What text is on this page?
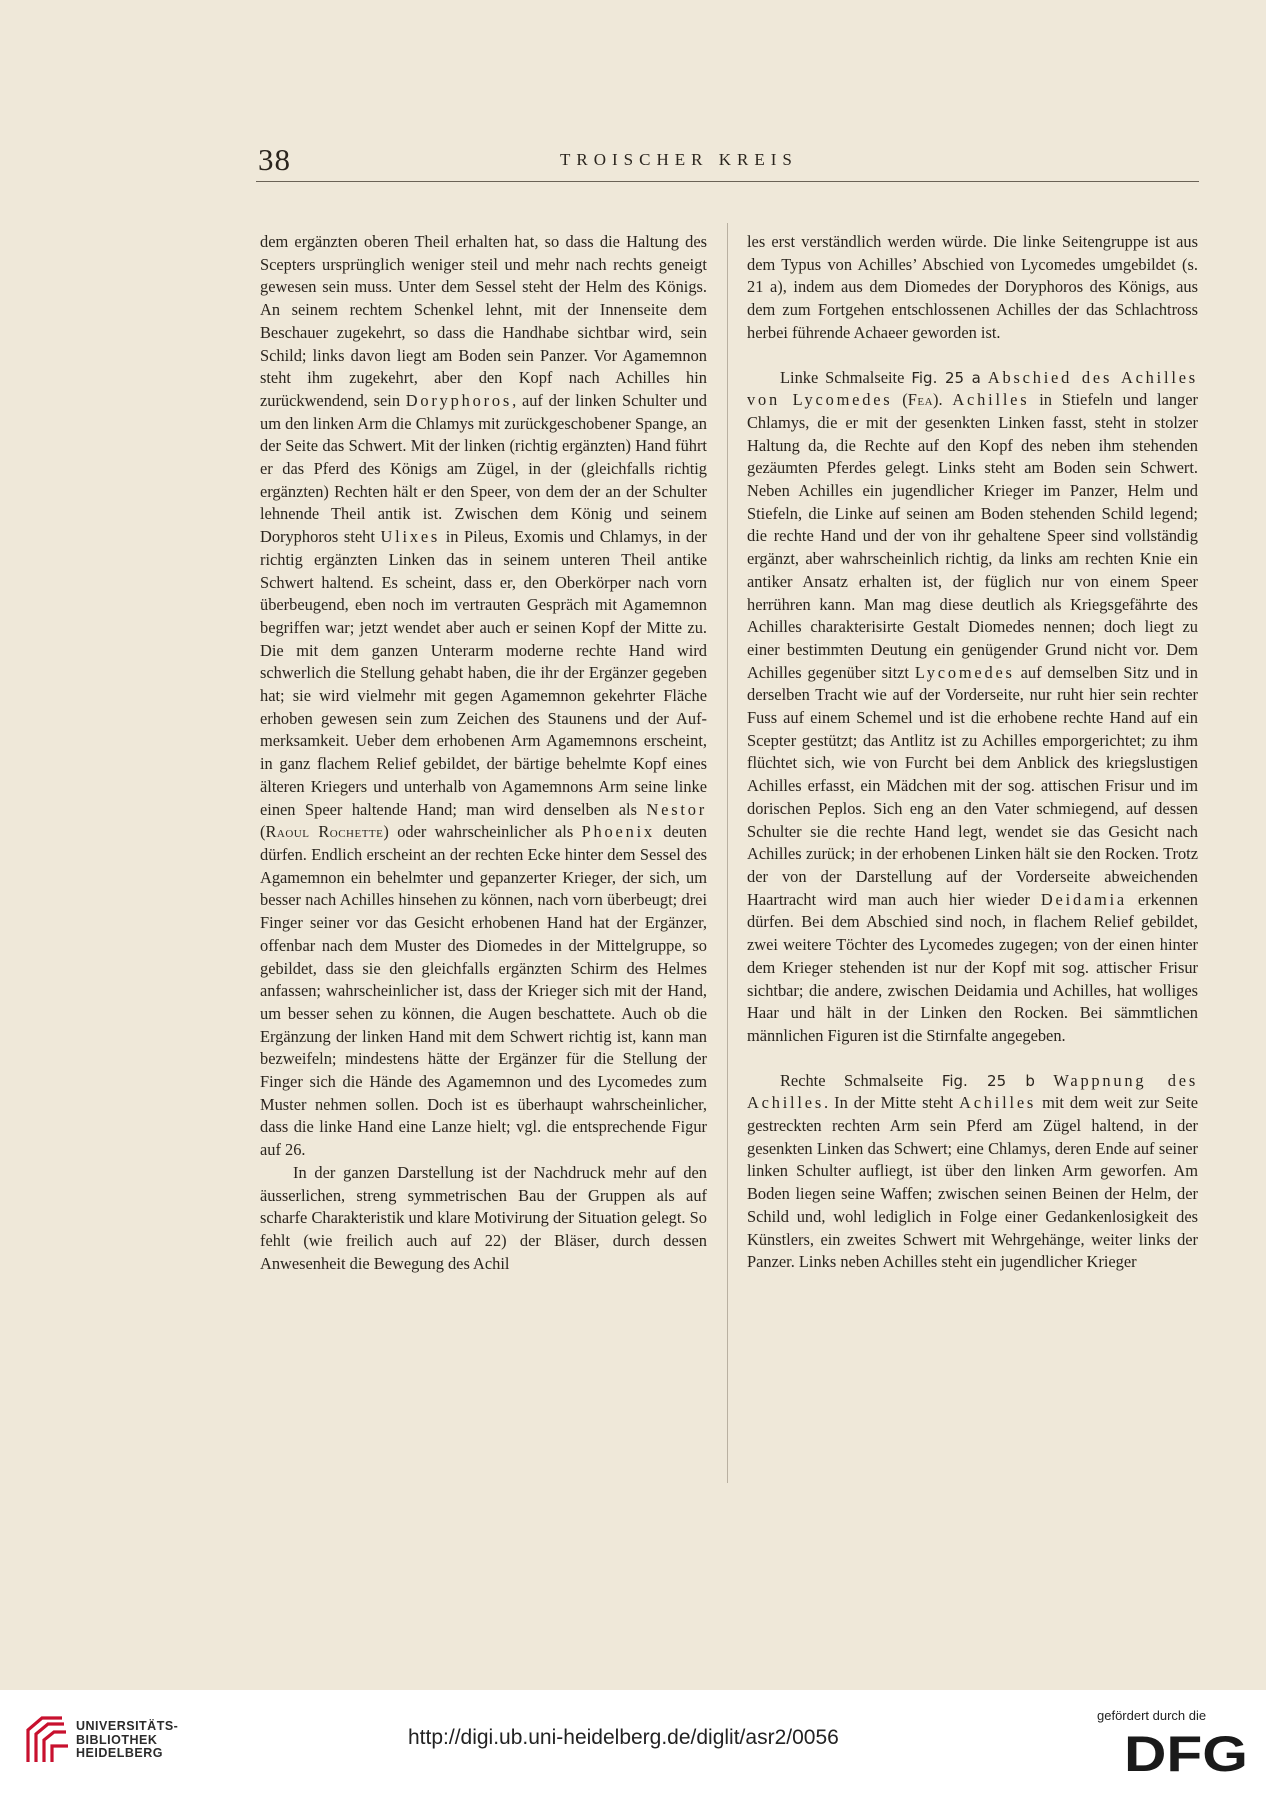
38	TROISCHER KREIS

dem ergänzten oberen Theil erhalten hat, so dass die Haltung des Scepters ursprünglich weniger steil und mehr nach rechts geneigt gewesen sein muss. Unter dem Sessel steht der Helm des Königs. An seinem rechtem Schenkel lehnt, mit der Innenseite dem Beschauer zugekehrt, so dass die Handhabe sichtbar wird, sein Schild; links davon liegt am Boden sein Panzer. Vor Agamemnon steht ihm zugekehrt, aber den Kopf nach Achilles hin zurückwendend, sein Doryphoros, auf der linken Schulter und um den linken Arm die Chlamys mit zurückgeschobener Spange, an der Seite das Schwert. Mit der linken (richtig ergänzten) Hand führt er das Pferd des Königs am Zügel, in der (gleichfalls richtig ergänzten) Rechten hält er den Speer, von dem der an der Schulter lehnende Theil antik ist. Zwischen dem König und seinem Doryphoros steht Ulixes in Pileus, Exomis und Chlamys, in der richtig ergänzten Linken das in seinem unteren Theil antike Schwert haltend. Es scheint, dass er, den Oberkörper nach vorn überbeugend, eben noch im vertrauten Gespräch mit Agamemnon begriffen war; jetzt wendet aber auch er seinen Kopf der Mitte zu. Die mit dem ganzen Unterarm moderne rechte Hand wird schwerlich die Stellung gehabt haben, die ihr der Ergänzer gegeben hat; sie wird vielmehr mit gegen Agamemnon gekehrter Fläche erhoben gewesen sein zum Zeichen des Staunens und der Aufmerksamkeit. Ueber dem erhobenen Arm Agamemnons erscheint, in ganz flachem Relief gebildet, der bärtige behelmte Kopf eines älteren Kriegers und unterhalb von Agamemnons Arm seine linke einen Speer haltende Hand; man wird denselben als Nestor (Raoul Rochette) oder wahrscheinlicher als Phoenix deuten dürfen. Endlich erscheint an der rechten Ecke hinter dem Sessel des Agamemnon ein behelmter und gepanzerter Krieger, der sich, um besser nach Achilles hinsehen zu können, nach vorn überbeugt; drei Finger seiner vor das Gesicht erhobenen Hand hat der Ergänzer, offenbar nach dem Muster des Diomedes in der Mittelgruppe, so gebildet, dass sie den gleichfalls ergänzten Schirm des Helmes anfassen; wahrscheinlicher ist, dass der Krieger sich mit der Hand, um besser sehen zu können, die Augen beschattete. Auch ob die Ergänzung der linken Hand mit dem Schwert richtig ist, kann man bezweifeln; mindestens hätte der Ergänzer für die Stellung der Finger sich die Hände des Agamemnon und des Lycomedes zum Muster nehmen sollen. Doch ist es überhaupt wahrscheinlicher, dass die linke Hand eine Lanze hielt; vgl. die entsprechende Figur auf 26.

In der ganzen Darstellung ist der Nachdruck mehr auf den äusserlichen, streng symmetrischen Bau der Gruppen als auf scharfe Charakteristik und klare Motivirung der Situation gelegt. So fehlt (wie freilich auch auf 22) der Bläser, durch dessen Anwesenheit die Bewegung des Achil

les erst verständlich werden würde. Die linke Seitengruppe ist aus dem Typus von Achilles’ Abschied von Lycomedes umgebildet (s. 21 a), indem aus dem Diomedes der Doryphoros des Königs, aus dem zum Fortgehen entschlossenen Achilles der das Schlachtross herbei führende Achaeer geworden ist.

Linke Schmalseite Fig. 25 a Abschied des Achilles von Lycomedes (Fea). Achilles in Stiefeln und langer Chlamys, die er mit der gesenkten Linken fasst, steht in stolzer Haltung da, die Rechte auf den Kopf des neben ihm stehenden gezäumten Pferdes gelegt. Links steht am Boden sein Schwert. Neben Achilles ein jugendlicher Krieger im Panzer, Helm und Stiefeln, die Linke auf seinen am Boden stehenden Schild legend; die rechte Hand und der von ihr gehaltene Speer sind vollständig ergänzt, aber wahrscheinlich richtig, da links am rechten Knie ein antiker Ansatz erhalten ist, der füglich nur von einem Speer herrühren kann. Man mag diese deutlich als Kriegsgefährte des Achilles charakterisirte Gestalt Diomedes nennen; doch liegt zu einer bestimmten Deutung ein genügender Grund nicht vor. Dem Achilles gegenüber sitzt Lycomedes auf demselben Sitz und in derselben Tracht wie auf der Vorderseite, nur ruht hier sein rechter Fuss auf einem Schemel und ist die erhobene rechte Hand auf ein Scepter gestützt; das Antlitz ist zu Achilles emporgerichtet; zu ihm flüchtet sich, wie von Furcht bei dem Anblick des kriegslustigen Achilles erfasst, ein Mädchen mit der sog. attischen Frisur und im dorischen Peplos. Sich eng an den Vater schmiegend, auf dessen Schulter sie die rechte Hand legt, wendet sie das Gesicht nach Achilles zurück; in der erhobenen Linken hält sie den Rocken. Trotz der von der Darstellung auf der Vorderseite abweichenden Haartracht wird man auch hier wieder Deidamia erkennen dürfen. Bei dem Abschied sind noch, in flachem Relief gebildet, zwei weitere Töchter des Lycomedes zugegen; von der einen hinter dem Krieger stehenden ist nur der Kopf mit sog. attischer Frisur sichtbar; die andere, zwischen Deidamia und Achilles, hat wolliges Haar und hält in der Linken den Rocken. Bei sämmtlichen männlichen Figuren ist die Stirnfalte angegeben.

Rechte Schmalseite Fig. 25 b Wappnung des Achilles. In der Mitte steht Achilles mit dem weit zur Seite gestreckten rechten Arm sein Pferd am Zügel haltend, in der gesenkten Linken das Schwert; eine Chlamys, deren Ende auf seiner linken Schulter aufliegt, ist über den linken Arm geworfen. Am Boden liegen seine Waffen; zwischen seinen Beinen der Helm, der Schild und, wohl lediglich in Folge einer Gedankenlosigkeit des Künstlers, ein zweites Schwert mit Wehrgehänge, weiter links der Panzer. Links neben Achilles steht ein jugendlicher Krieger

UNIVERSITÄTS-
BIBLIOTHEK
HEIDELBERG
http://digi.ub.uni-heidelberg.de/diglit/asr2/0056
gefördert durch die
DFG
